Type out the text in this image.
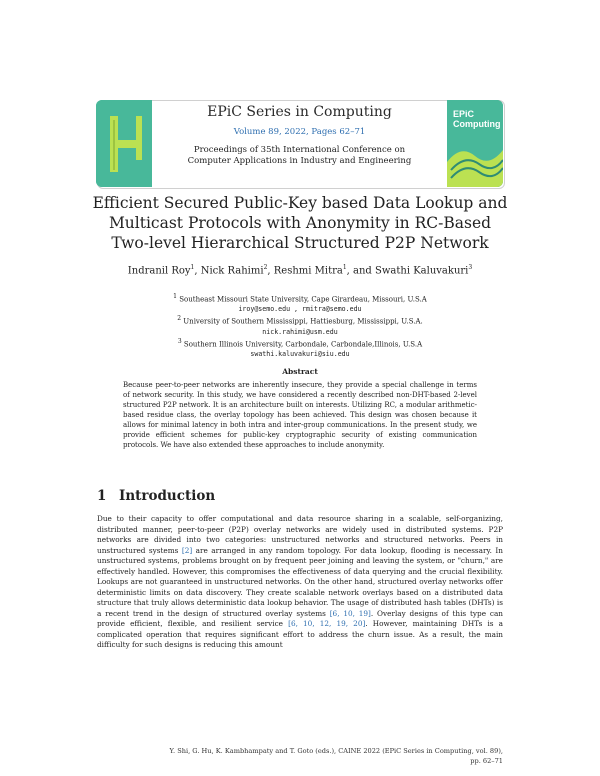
EPiC
Computing
EPiC Series in Computing
Volume 89, 2022, Pages 62–71
Proceedings of 35th International Conference on
Computer Applications in Industry and Engineering
Efficient Secured Public-Key based Data Lookup and
Multicast Protocols with Anonymity in RC-Based
Two-level Hierarchical Structured P2P Network
Indranil Roy$^1$, Nick Rahimi$^2$, Reshmi Mitra$^1$, and Swathi Kaluvakuri$^3$
$^1$ Southeast Missouri State University, Cape Girardeau, Missouri, U.S.A
iroy@semo.edu , rmitra@semo.edu
$^2$ University of Southern Mississippi, Hattiesburg, Mississippi, U.S.A.
nick.rahimi@usm.edu
$^3$ Southern Illinois University, Carbondale, Carbondale,Illinois, U.S.A
swathi.kaluvakuri@siu.edu
Abstract
Because peer-to-peer networks are inherently insecure, they provide a special challenge in terms of network security. In this study, we have considered a recently described non-DHT-based 2-level structured P2P network. It is an architecture built on interests. Utilizing RC, a modular arithmetic-based residue class, the overlay topology has been achieved. This design was chosen because it allows for minimal latency in both intra and inter-group communications. In the present study, we provide efficient schemes for public-key cryptographic security of existing communication protocols. We have also extended these approaches to include anonymity.
1 Introduction
Due to their capacity to offer computational and data resource sharing in a scalable, self-organizing, distributed manner, peer-to-peer (P2P) overlay networks are widely used in distributed systems. P2P networks are divided into two categories: unstructured networks and structured networks. Peers in unstructured systems [2] are arranged in any random topology. For data lookup, flooding is necessary. In unstructured systems, problems brought on by frequent peer joining and leaving the system, or "churn," are effectively handled. However, this compromises the effectiveness of data querying and the crucial flexibility. Lookups are not guaranteed in unstructured networks. On the other hand, structured overlay networks offer deterministic limits on data discovery. They create scalable network overlays based on a distributed data structure that truly allows deterministic data lookup behavior. The usage of distributed hash tables (DHTs) is a recent trend in the design of structured overlay systems [6, 10, 19]. Overlay designs of this type can provide efficient, flexible, and resilient service [6, 10, 12, 19, 20]. However, maintaining DHTs is a complicated operation that requires significant effort to address the churn issue. As a result, the main difficulty for such designs is reducing this amount
Y. Shi, G. Hu, K. Kambhampaty and T. Goto (eds.), CAINE 2022 (EPiC Series in Computing, vol. 89),
pp. 62–71
